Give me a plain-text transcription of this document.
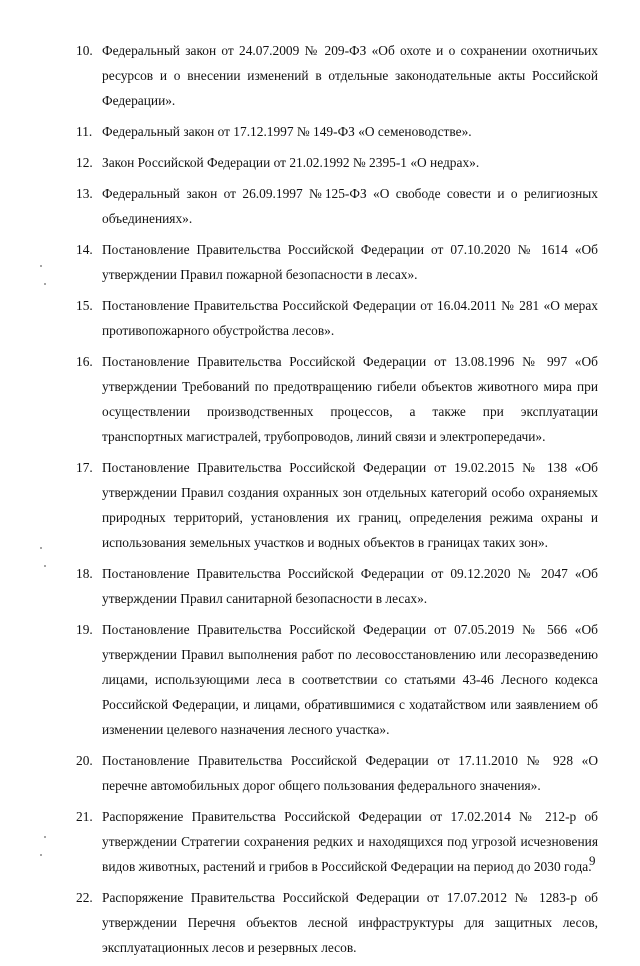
10. Федеральный закон от 24.07.2009 № 209-ФЗ «Об охоте и о сохранении охотничьих ресурсов и о внесении изменений в отдельные законодательные акты Российской Федерации».
11. Федеральный закон от 17.12.1997 № 149-ФЗ «О семеноводстве».
12. Закон Российской Федерации от 21.02.1992 № 2395-1 «О недрах».
13. Федеральный закон от 26.09.1997 №125-ФЗ «О свободе совести и о религиозных объединениях».
14. Постановление Правительства Российской Федерации от 07.10.2020 № 1614 «Об утверждении Правил пожарной безопасности в лесах».
15. Постановление Правительства Российской Федерации от 16.04.2011 № 281 «О мерах противопожарного обустройства лесов».
16. Постановление Правительства Российской Федерации от 13.08.1996 № 997 «Об утверждении Требований по предотвращению гибели объектов животного мира при осуществлении производственных процессов, а также при эксплуатации транспортных магистралей, трубопроводов, линий связи и электропередачи».
17. Постановление Правительства Российской Федерации от 19.02.2015 № 138 «Об утверждении Правил создания охранных зон отдельных категорий особо охраняемых природных территорий, установления их границ, определения режима охраны и использования земельных участков и водных объектов в границах таких зон».
18. Постановление Правительства Российской Федерации от 09.12.2020 № 2047 «Об утверждении Правил санитарной безопасности в лесах».
19. Постановление Правительства Российской Федерации от 07.05.2019 № 566 «Об утверждении Правил выполнения работ по лесовосстановлению или лесоразведению лицами, использующими леса в соответствии со статьями 43-46 Лесного кодекса Российской Федерации, и лицами, обратившимися с ходатайством или заявлением об изменении целевого назначения лесного участка».
20. Постановление Правительства Российской Федерации от 17.11.2010 № 928 «О перечне автомобильных дорог общего пользования федерального значения».
21. Распоряжение Правительства Российской Федерации от 17.02.2014 № 212-р об утверждении Стратегии сохранения редких и находящихся под угрозой исчезновения видов животных, растений и грибов в Российской Федерации на период до 2030 года.
22. Распоряжение Правительства Российской Федерации от 17.07.2012 № 1283-р об утверждении Перечня объектов лесной инфраструктуры для защитных лесов, эксплуатационных лесов и резервных лесов.
9
